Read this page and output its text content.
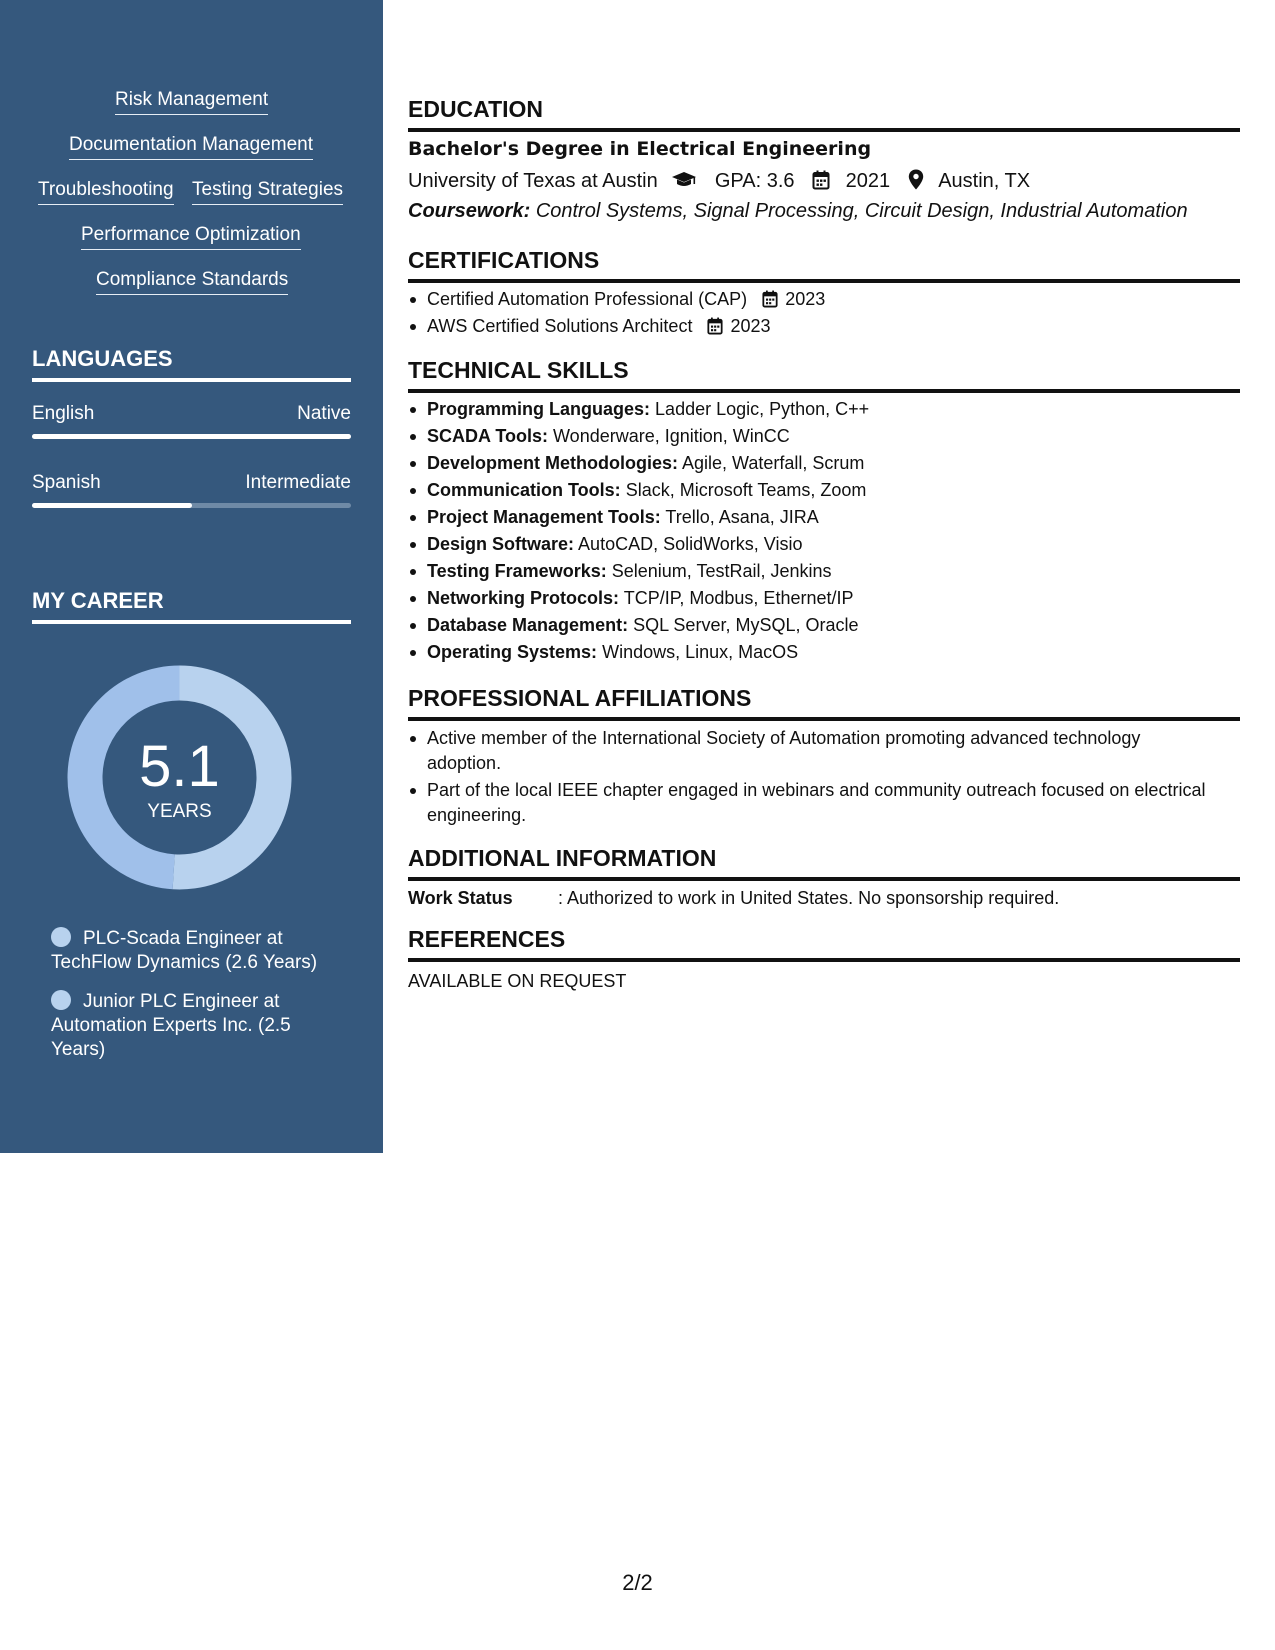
Risk Management
Documentation Management
Troubleshooting Testing Strategies
Performance Optimization
Compliance Standards
LANGUAGES
English	Native
Spanish	Intermediate
MY CAREER
5.1
YEARS
PLC-Scada Engineer at TechFlow Dynamics (2.6 Years)
Junior PLC Engineer at Automation Experts Inc. (2.5 Years)
EDUCATION
Bachelor's Degree in Electrical Engineering
University of Texas at Austin	GPA: 3.6	2021 Austin, TX
Coursework: Control Systems, Signal Processing, Circuit Design, Industrial Automation
CERTIFICATIONS
Certified Automation Professional (CAP) 2023
AWS Certified Solutions Architect 2023
TECHNICAL SKILLS
Programming Languages: Ladder Logic, Python, C++
SCADA Tools: Wonderware, Ignition, WinCC
Development Methodologies: Agile, Waterfall, Scrum
Communication Tools: Slack, Microsoft Teams, Zoom
Project Management Tools: Trello, Asana, JIRA
Design Software: AutoCAD, SolidWorks, Visio
Testing Frameworks: Selenium, TestRail, Jenkins
Networking Protocols: TCP/IP, Modbus, Ethernet/IP
Database Management: SQL Server, MySQL, Oracle
Operating Systems: Windows, Linux, MacOS
PROFESSIONAL AFFILIATIONS
Active member of the International Society of Automation promoting advanced technology adoption.
Part of the local IEEE chapter engaged in webinars and community outreach focused on electrical engineering.
ADDITIONAL INFORMATION
Work Status	: Authorized to work in United States. No sponsorship required.
REFERENCES
AVAILABLE ON REQUEST
2/2
